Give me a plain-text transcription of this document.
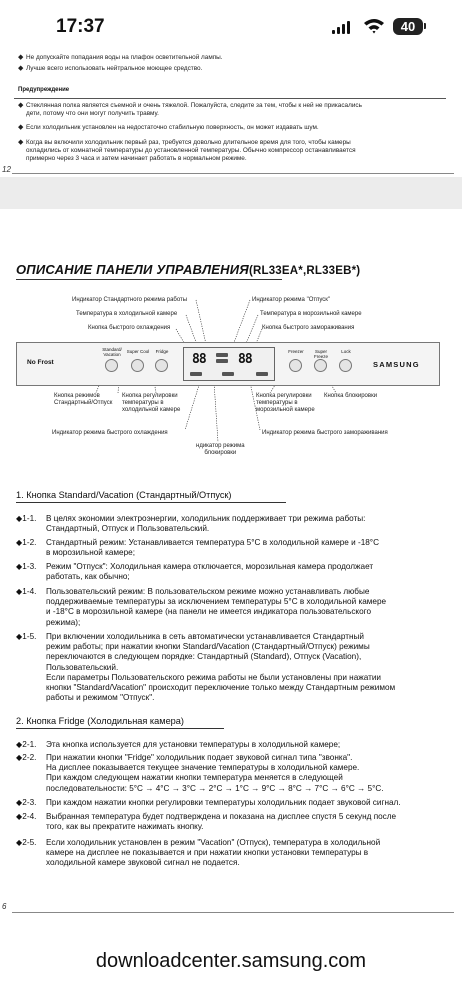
17:37	40
◆ Не допускайте попадания воды на плафон осветительной лампы.
◆ Лучше всего использовать нейтральное моющее средство.
Предупреждение
◆ Стеклянная полка является съемной и очень тяжелой. Пожалуйста, следите за тем, чтобы к ней не прикасались
дети, потому что они могут получить травму.
◆ Если холодильник установлен на недостаточно стабильную поверхность, он может издавать шум.
◆ Когда вы включили холодильник первый раз, требуется довольно длительное время для того, чтобы камеры
охладились от комнатной температуры до установленной температуры. Обычно компрессор останавливается
примерно через 3 часа и затем начинает работать в нормальном режиме.
12
ОПИСАНИЕ ПАНЕЛИ УПРАВЛЕНИЯ(RL33EA*,RL33EB*)
Индикатор Стандартного режима работы
Температура в холодильной камере
Кнопка быстрого охлаждения
Индикатор режима "Отпуск"
Температура в морозильной камере
Кнопка быстрого замораживания
No Frost
Standard/
Vacation
Super Cool	Fridge
88 88
Freezer	Super Freeze
Lock
SAMSUNG
Кнопка режимов
Стандартный/Отпуск
Кнопка регулировки
температуры в
холодильной камере
Кнопка регулировки
температуры в
морозильной камере
Кнопка блокировки
Индикатор режима быстрого охлаждения
ндикатор режима
блокировки
Индикатор режима быстрого замораживания
1. Кнопка Standard/Vacation (Стандартный/Отпуск)
◆1-1. В целях экономии электроэнергии, холодильник поддерживает три режима работы:
Стандартный, Отпуск и Пользовательский.
◆1-2. Стандартный режим: Устанавливается температура 5°C в холодильной камере и -18°C
в морозильной камере;
◆1-3. Режим "Отпуск": Холодильная камера отключается, морозильная камера продолжает
работать, как обычно;
◆1-4. Пользовательский режим: В пользовательском режиме можно устанавливать любые
поддерживаемые температуры за исключением температуры 5°C в холодильной камере
и -18°C в морозильной камере (на панели не имеется индикатора пользовательского
режима);
◆1-5. При включении холодильника в сеть автоматически устанавливается Стандартный
режим работы; при нажатии кнопки Standard/Vacation (Стандартный/Отпуск) режимы
переключаются в следующем порядке: Стандартный (Standard), Отпуск (Vacation),
Пользовательский.
Если параметры Пользовательского режима работы не были установлены при нажатии
кнопки "Standard/Vacation" происходит переключение только между Стандартным режимом
работы и режимом "Отпуск".
2. Кнопка Fridge (Холодильная камера)
◆2-1. Эта кнопка используется для установки температуры в холодильной камере;
◆2-2. При нажатии кнопки "Fridge" холодильник подает звуковой сигнал типа "звонка".
На дисплее показывается текущее значение температуры в холодильной камере.
При каждом следующем нажатии кнопки температура меняется в следующей
последовательности: 5°C → 4°C → 3°C → 2°C → 1°C → 9°C → 8°C → 7°C → 6°C → 5°C.
◆2-3. При каждом нажатии кнопки регулировки температуры холодильник подает звуковой сигнал.
◆2-4. Выбранная температура будет подтверждена и показана на дисплее спустя 5 секунд после
того, как вы прекратите нажимать кнопку.
◆2-5. Если холодильник установлен в режим "Vacation" (Отпуск), температура в холодильной
камере на дисплее не показывается и при нажатии кнопки установки температуры в
холодильной камере звуковой сигнал не подается.
6
downloadcenter.samsung.com
